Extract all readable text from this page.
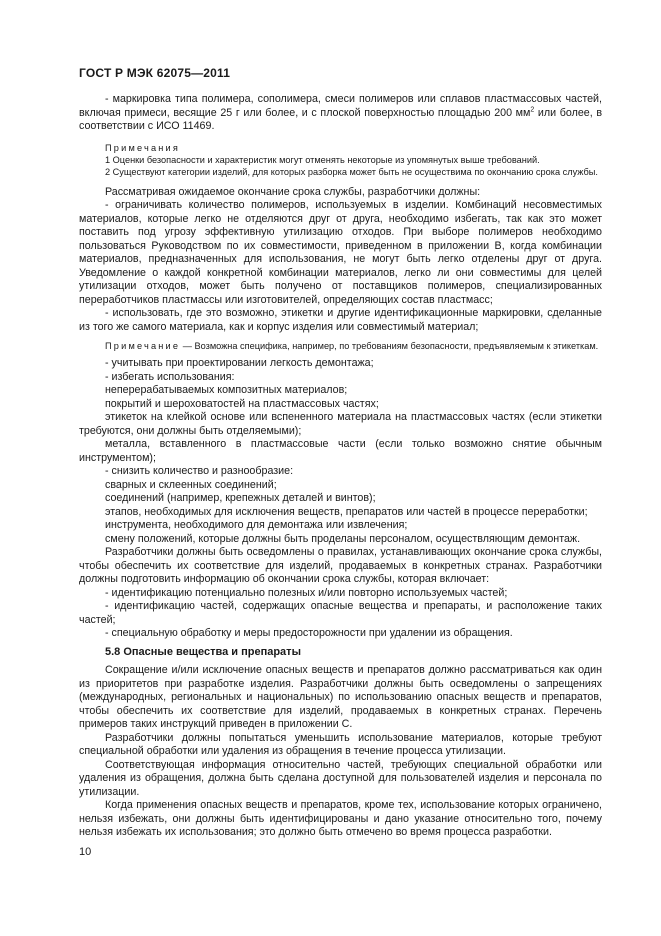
ГОСТ Р МЭК 62075—2011

- маркировка типа полимера, сополимера, смеси полимеров или сплавов пластмассовых частей, включая примеси, весящие 25 г или более, и с плоской поверхностью площадью 200 $мм^2$ или более, в соответствии с ИСО 11469.

Примечания

1 Оценки безопасности и характеристик могут отменять некоторые из упомянутых выше требований.

2 Существуют категории изделий, для которых разборка может быть не осуществима по окончанию срока службы.

Рассматривая ожидаемое окончание срока службы, разработчики должны:

- ограничивать количество полимеров, используемых в изделии. Комбинаций несовместимых материалов, которые легко не отделяются друг от друга, необходимо избегать, так как это может поставить под угрозу эффективную утилизацию отходов. При выборе полимеров необходимо пользоваться Руководством по их совместимости, приведенном в приложении В, когда комбинации материалов, предназначенных для использования, не могут быть легко отделены друг от друга. Уведомление о каждой конкретной комбинации материалов, легко ли они совместимы для целей утилизации отходов, может быть получено от поставщиков полимеров, специализированных переработчиков пластмассы или изготовителей, определяющих состав пластмасс;

- использовать, где это возможно, этикетки и другие идентификационные маркировки, сделанные из того же самого материала, как и корпус изделия или совместимый материал;

Примечание — Возможна специфика, например, по требованиям безопасности, предъявляемым к этикеткам.

- учитывать при проектировании легкость демонтажа;

- избегать использования:

неперерабатываемых композитных материалов;

покрытий и шероховатостей на пластмассовых частях;

этикеток на клейкой основе или вспененного материала на пластмассовых частях (если этикетки требуются, они должны быть отделяемыми);

металла, вставленного в пластмассовые части (если только возможно снятие обычным инструментом);

- снизить количество и разнообразие:

сварных и склеенных соединений;

соединений (например, крепежных деталей и винтов);

этапов, необходимых для исключения веществ, препаратов или частей в процессе переработки;

инструмента, необходимого для демонтажа или извлечения;

смену положений, которые должны быть проделаны персоналом, осуществляющим демонтаж.

Разработчики должны быть осведомлены о правилах, устанавливающих окончание срока службы, чтобы обеспечить их соответствие для изделий, продаваемых в конкретных странах. Разработчики должны подготовить информацию об окончании срока службы, которая включает:

- идентификацию потенциально полезных и/или повторно используемых частей;

- идентификацию частей, содержащих опасные вещества и препараты, и расположение таких частей;

- специальную обработку и меры предосторожности при удалении из обращения.

5.8 Опасные вещества и препараты

Сокращение и/или исключение опасных веществ и препаратов должно рассматриваться как один из приоритетов при разработке изделия. Разработчики должны быть осведомлены о запрещениях (международных, региональных и национальных) по использованию опасных веществ и препаратов, чтобы обеспечить их соответствие для изделий, продаваемых в конкретных странах. Перечень примеров таких инструкций приведен в приложении С.

Разработчики должны попытаться уменьшить использование материалов, которые требуют специальной обработки или удаления из обращения в течение процесса утилизации.

Соответствующая информация относительно частей, требующих специальной обработки или удаления из обращения, должна быть сделана доступной для пользователей изделия и персонала по утилизации.

Когда применения опасных веществ и препаратов, кроме тех, использование которых ограничено, нельзя избежать, они должны быть идентифицированы и дано указание относительно того, почему нельзя избежать их использования; это должно быть отмечено во время процесса разработки.

10
